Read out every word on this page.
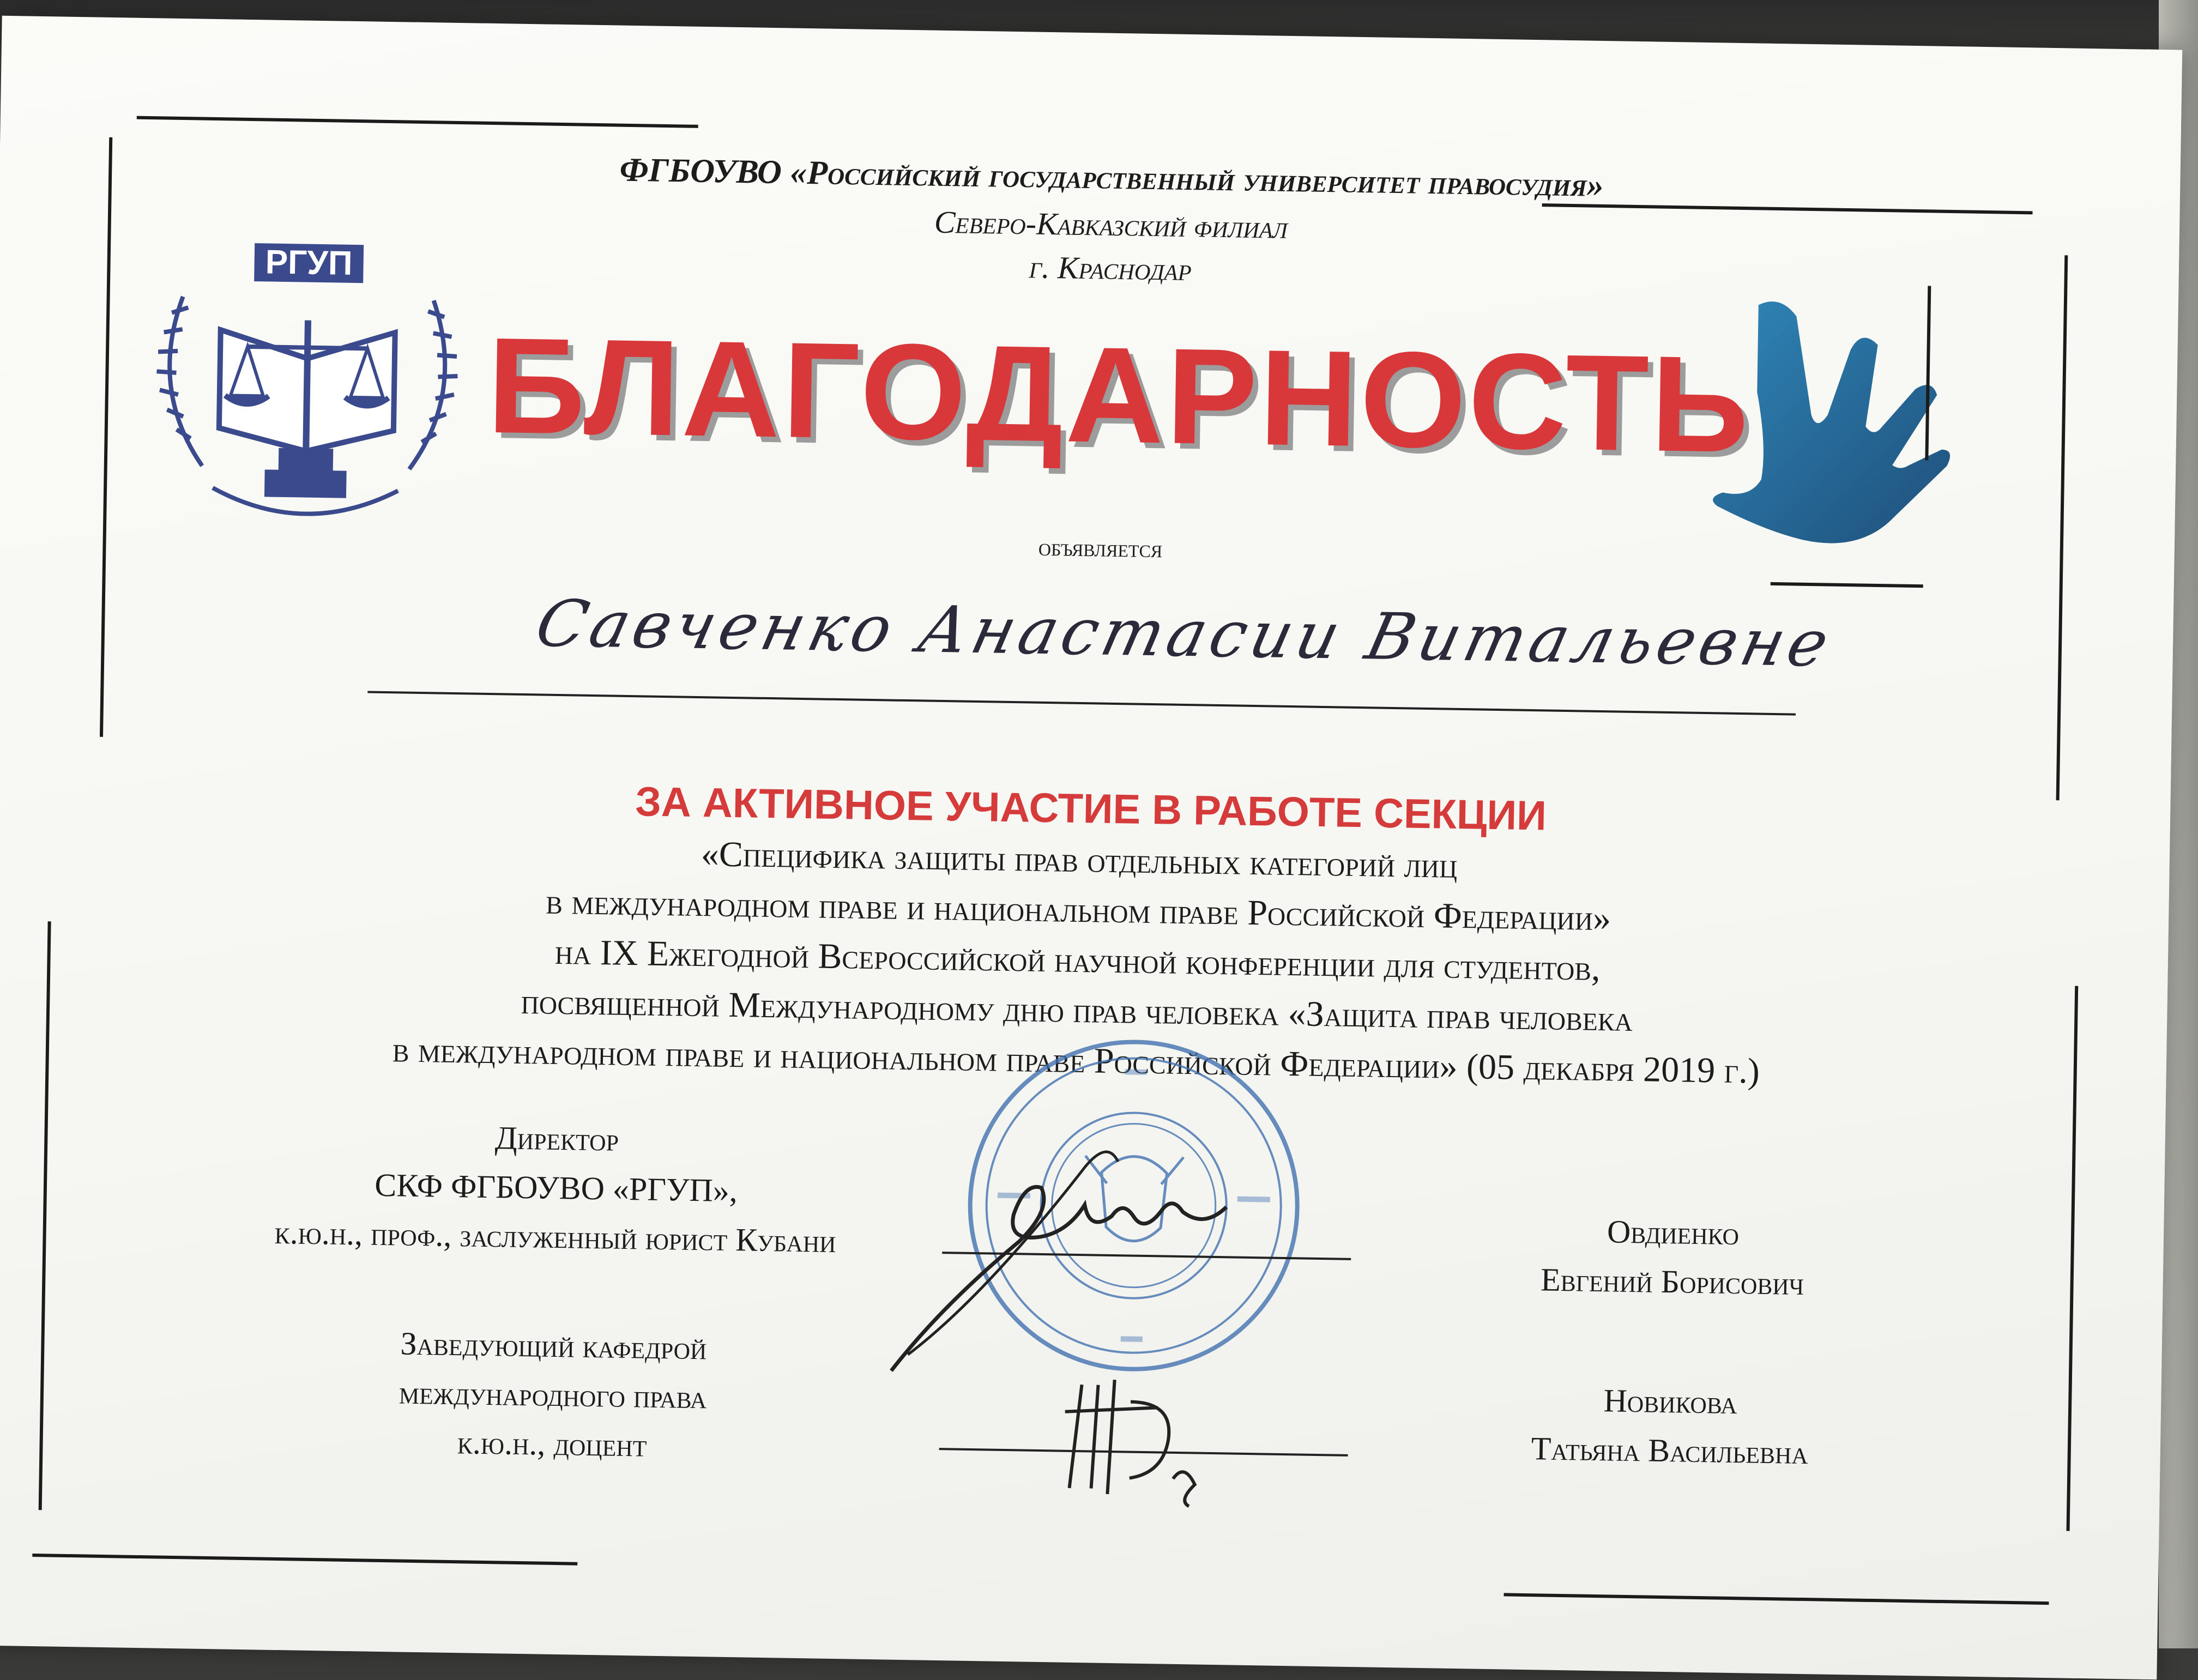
РГУП
ФГБОУВО «Российский государственный университет правосудия»
Северо-Кавказский филиал
г. Краснодар
БЛАГОДАРНОСТЬ
объявляется
Савченко Анастасии Витальевне
ЗА АКТИВНОЕ УЧАСТИЕ В РАБОТЕ СЕКЦИИ
«Специфика защиты прав отдельных категорий лиц
в международном праве и национальном праве Российской Федерации»
на IX Ежегодной Всероссийской научной конференции для студентов,
посвященной Международному дню прав человека «Защита прав человека
в международном праве и национальном праве Российской Федерации» (05 декабря 2019 г.)
Директор
СКФ ФГБОУВО «РГУП»,
к.ю.н., проф., заслуженный юрист Кубани	Овдиенко
Евгений Борисович
Заведующий кафедрой
международного права
к.ю.н., доцент
Новикова
Татьяна Васильевна
